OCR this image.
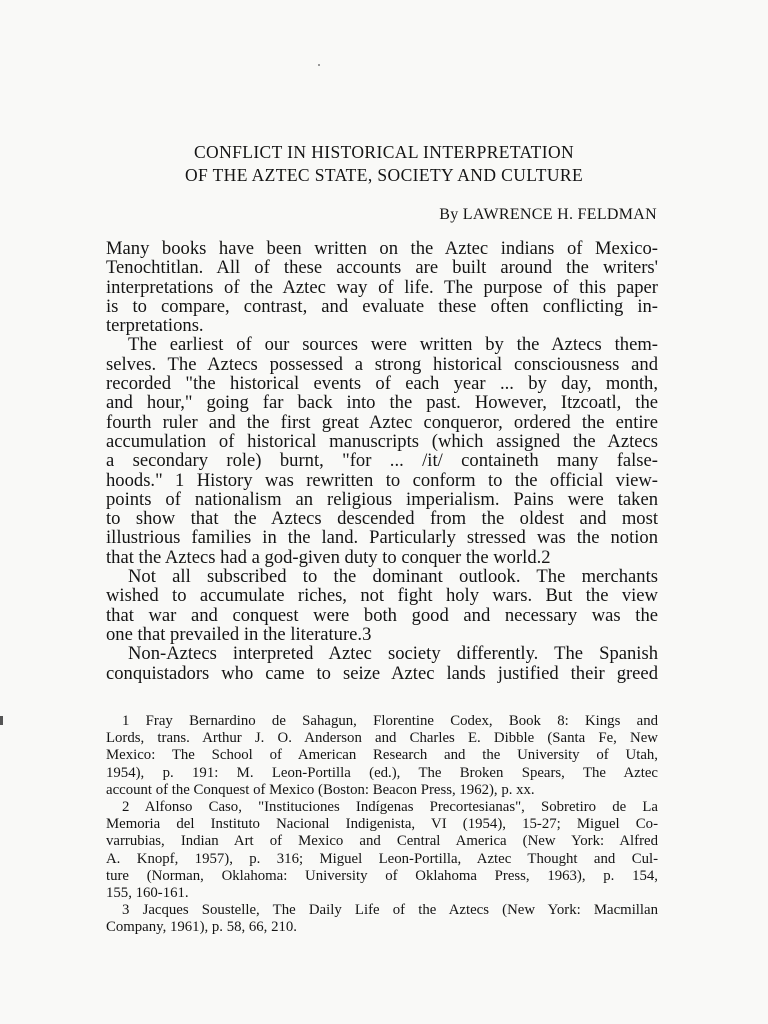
CONFLICT IN HISTORICAL INTERPRETATION
OF THE AZTEC STATE, SOCIETY AND CULTURE
By LAWRENCE H. FELDMAN
Many books have been written on the Aztec indians of Mexico-
Tenochtitlan. All of these accounts are built around the writers'
interpretations of the Aztec way of life. The purpose of this paper
is to compare, contrast, and evaluate these often conflicting in-
terpretations.
The earliest of our sources were written by the Aztecs them-
selves. The Aztecs possessed a strong historical consciousness and
recorded "the historical events of each year ... by day, month,
and hour," going far back into the past. However, Itzcoatl, the
fourth ruler and the first great Aztec conqueror, ordered the entire
accumulation of historical manuscripts (which assigned the Aztecs
a secondary role) burnt, "for ... /it/ containeth many false-
hoods." 1 History was rewritten to conform to the official view-
points of nationalism an religious imperialism. Pains were taken
to show that the Aztecs descended from the oldest and most
illustrious families in the land. Particularly stressed was the notion
that the Aztecs had a god-given duty to conquer the world.2
Not all subscribed to the dominant outlook. The merchants
wished to accumulate riches, not fight holy wars. But the view
that war and conquest were both good and necessary was the
one that prevailed in the literature.3
Non-Aztecs interpreted Aztec society differently. The Spanish
conquistadors who came to seize Aztec lands justified their greed
1 Fray Bernardino de Sahagun, Florentine Codex, Book 8: Kings and
Lords, trans. Arthur J. O. Anderson and Charles E. Dibble (Santa Fe, New
Mexico: The School of American Research and the University of Utah,
1954), p. 191: M. Leon-Portilla (ed.), The Broken Spears, The Aztec
account of the Conquest of Mexico (Boston: Beacon Press, 1962), p. xx.
2 Alfonso Caso, "Instituciones Indígenas Precortesianas", Sobretiro de La
Memoria del Instituto Nacional Indigenista, VI (1954), 15-27; Miguel Co-
varrubias, Indian Art of Mexico and Central America (New York: Alfred
A. Knopf, 1957), p. 316; Miguel Leon-Portilla, Aztec Thought and Cul-
ture (Norman, Oklahoma: University of Oklahoma Press, 1963), p. 154,
155, 160-161.
3 Jacques Soustelle, The Daily Life of the Aztecs (New York: Macmillan
Company, 1961), p. 58, 66, 210.
